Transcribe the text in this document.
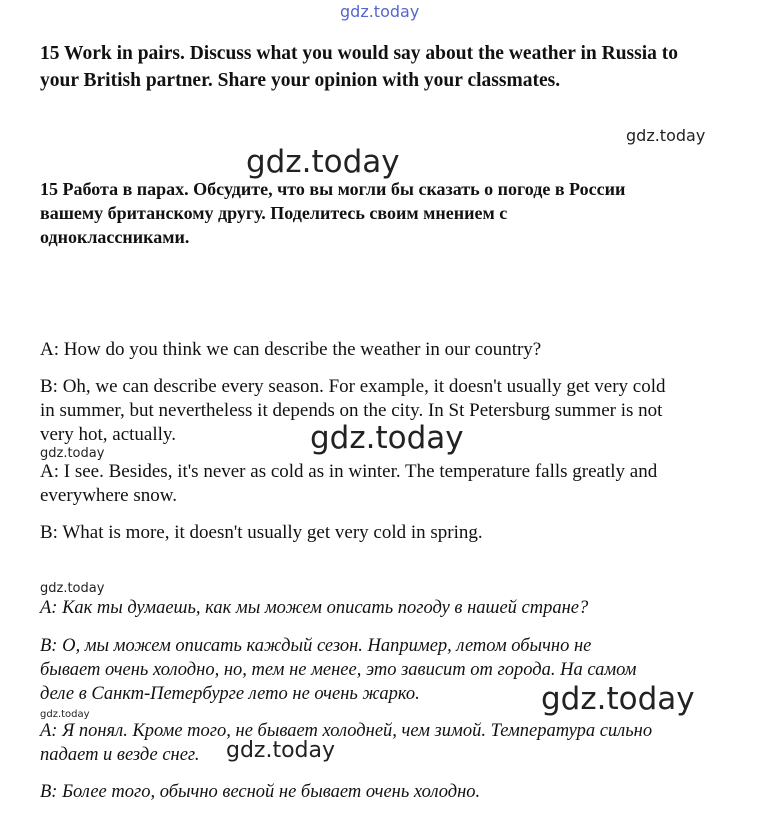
gdz.today
15 Work in pairs. Discuss what you would say about the weather in Russia to
your British partner. Share your opinion with your classmates.
gdz.today
gdz.today
15 Работа в парах. Обсудите, что вы могли бы сказать о погоде в России
вашему британскому другу. Поделитесь своим мнением с
одноклассниками.
A: How do you think we can describe the weather in our country?
B: Oh, we can describe every season. For example, it doesn't usually get very cold
in summer, but nevertheless it depends on the city. In St Petersburg summer is not
very hot, actually.	gdz.today
gdz.today
A: I see. Besides, it's never as cold as in winter. The temperature falls greatly and
everywhere snow.
B: What is more, it doesn't usually get very cold in spring.
gdz.today
А: Как ты думаешь, как мы можем описать погоду в нашей стране?
В: О, мы можем описать каждый сезон. Например, летом обычно не
бывает очень холодно, но, тем не менее, это зависит от города. На самом
деле в Санкт-Петербурге лето не очень жарко.	gdz.today
gdz.today
А: Я понял. Кроме того, не бывает холодней, чем зимой. Температура сильно
падает и везде снег. gdz.today
В: Более того, обычно весной не бывает очень холодно.
